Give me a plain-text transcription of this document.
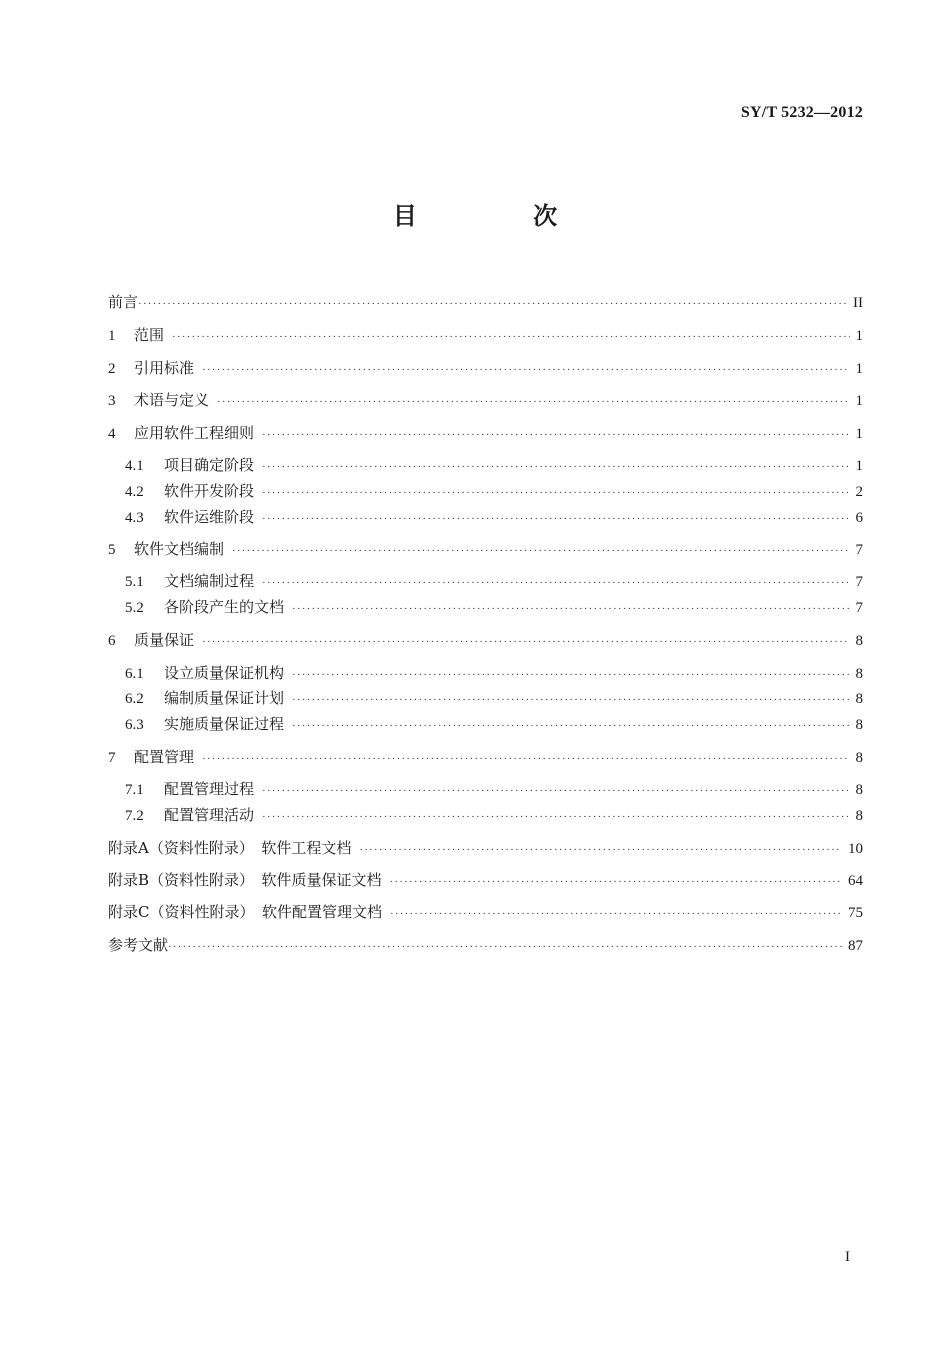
SY/T 5232—2012
目 次
前言 ·····	II
1	范围 ·····	1
2	引用标准 ·····	1
3	术语与定义 ·····	1
4	应用软件工程细则 ·····	1
4.1	项目确定阶段 ·····	1
4.2	软件开发阶段 ·····	2
4.3	软件运维阶段 ·····	6
5	软件文档编制 ·····	7
5.1	文档编制过程 ·····	7
5.2	各阶段产生的文档 ·····	7
6	质量保证 ·····	8
6.1	设立质量保证机构 ·····	8
6.2	编制质量保证计划 ·····	8
6.3	实施质量保证过程 ·····	8
7	配置管理 ·····	8
7.1	配置管理过程 ·····	8
7.2	配置管理活动 ·····	8
附录A（资料性附录）　软件工程文档 ·····	10
附录B（资料性附录）　软件质量保证文档 ·····	64
附录C（资料性附录）　软件配置管理文档 ·····	75
参考文献 ·····	87
I
